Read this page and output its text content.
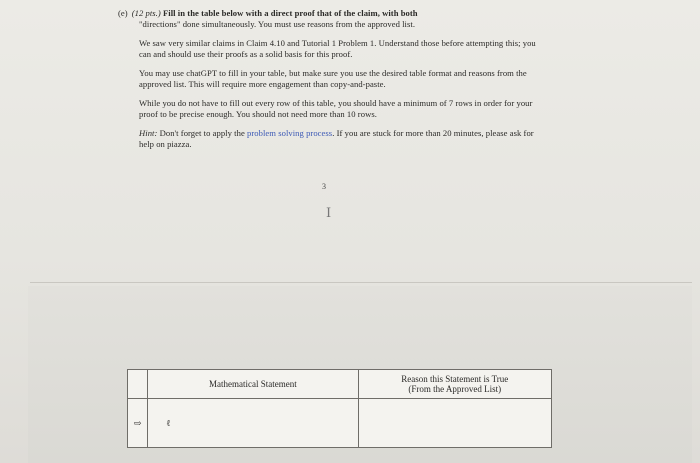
(e) (12 pts.) Fill in the table below with a direct proof that of the claim, with both
"directions" done simultaneously. You must use reasons from the approved list.

We saw very similar claims in Claim 4.10 and Tutorial 1 Problem 1. Understand those before attempting this; you can and should use their proofs as a solid basis for this proof.

You may use chatGPT to fill in your table, but make sure you use the desired table format and reasons from the approved list. This will require more engagement than copy-and-paste.

While you do not have to fill out every row of this table, you should have a minimum of 7 rows in order for your proof to be precise enough. You should not need more than 10 rows.

Hint: Don't forget to apply the problem solving process. If you are stuck for more than 20 minutes, please ask for help on piazza.

3
I
	Mathematical Statement	Reason this Statement is True
(From the Approved List)
⇨	ℓ	
